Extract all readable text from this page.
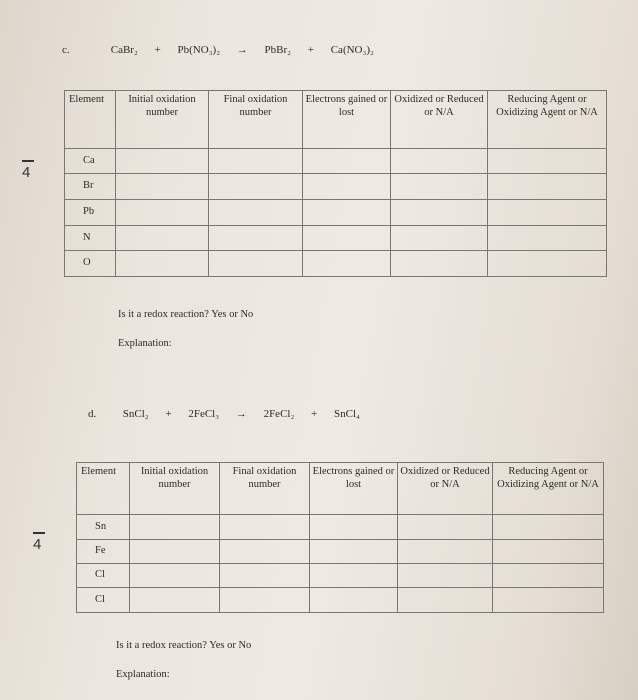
c.	CaBr₂ + Pb(NO₃)₂ → PbBr₂ + Ca(NO₃)₂
4
Element	Initial oxidation number	Final oxidation number	Electrons gained or lost	Oxidized or Reduced or N/A	Reducing Agent or Oxidizing Agent or N/A
Ca					
Br					
Pb					
N					
O					
Is it a redox reaction? Yes or No
Explanation:
d. SnCl₂ + 2FeCl₃ → 2FeCl₂ + SnCl₄
4
Element	Initial oxidation number	Final oxidation number	Electrons gained or lost	Oxidized or Reduced or N/A	Reducing Agent or Oxidizing Agent or N/A
Sn					
Fe					
Cl					
Cl					
Is it a redox reaction? Yes or No
Explanation:
